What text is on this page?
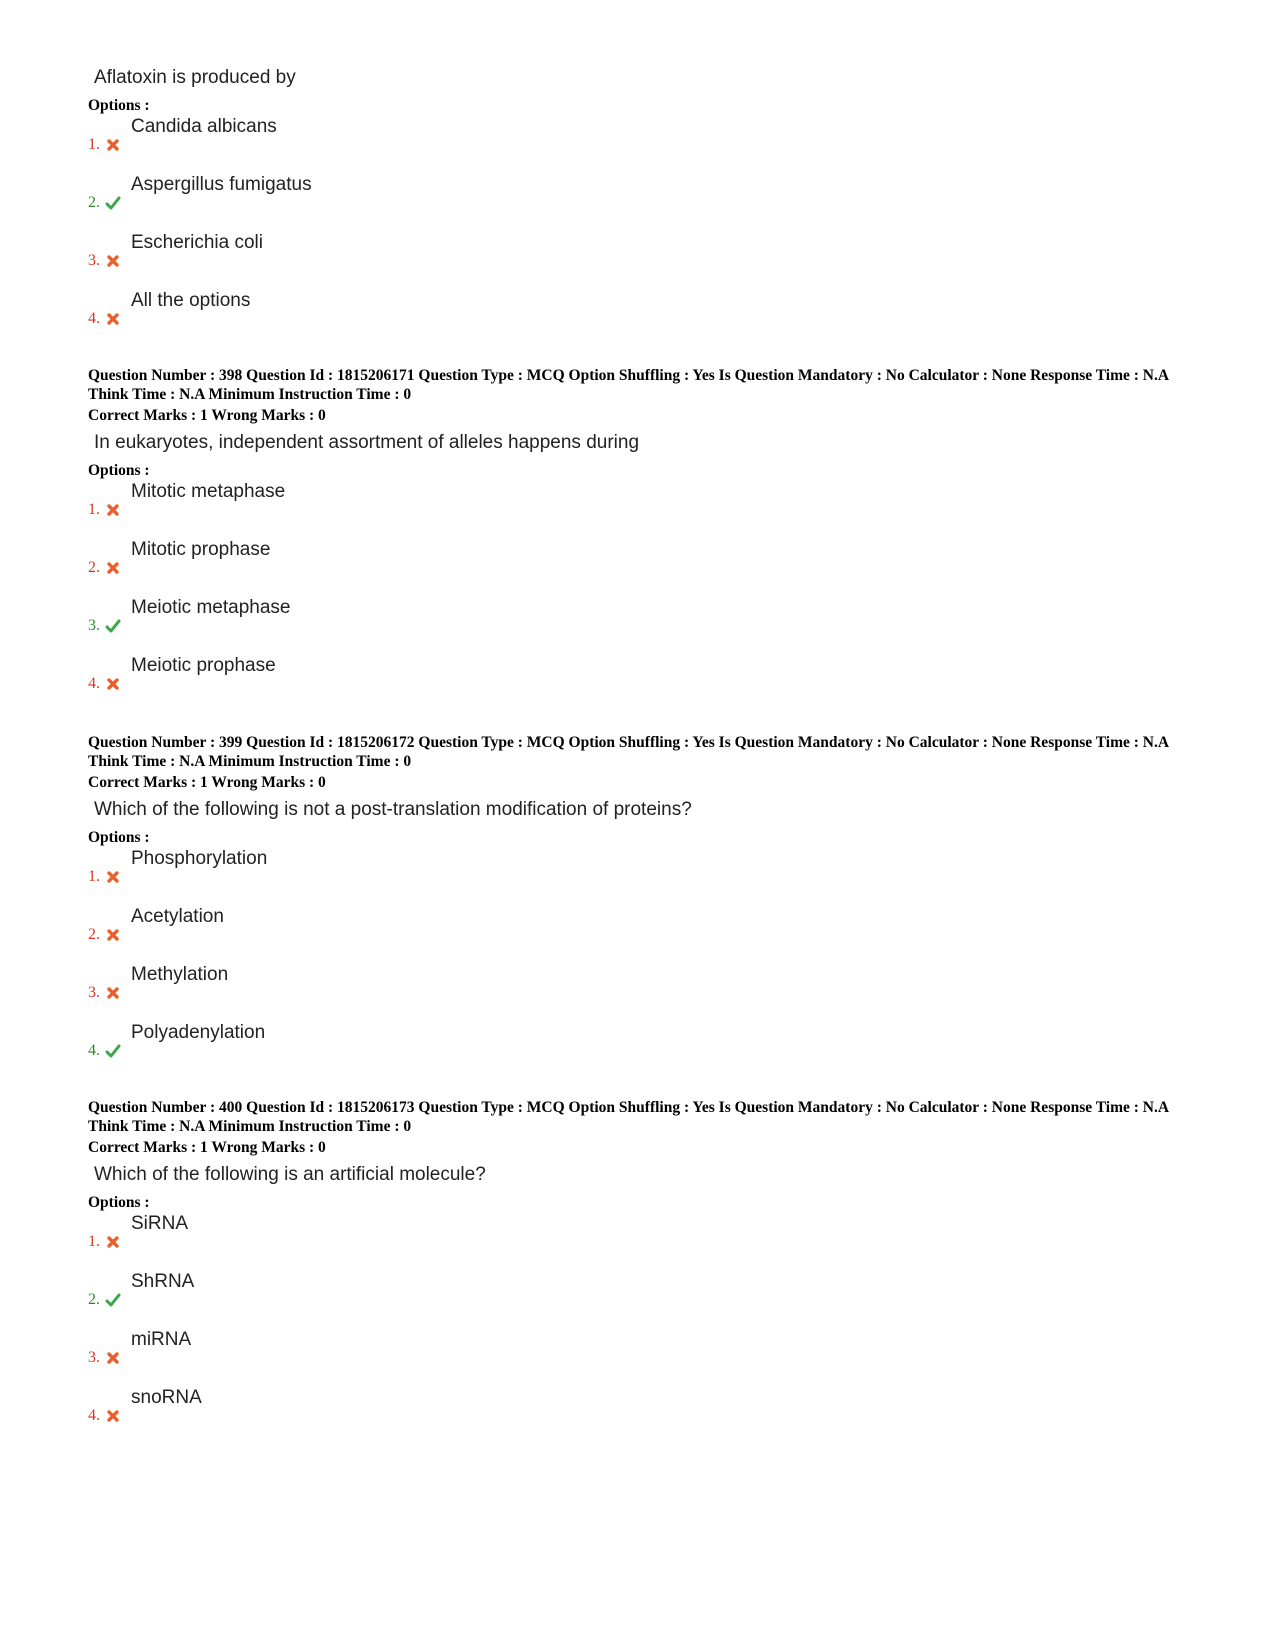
Aflatoxin is produced by
Options :
1.
Candida albicans
2.
Aspergillus fumigatus
3.
Escherichia coli
4.
All the options

Question Number : 398 Question Id : 1815206171 Question Type : MCQ Option Shuffling : Yes Is Question Mandatory : No Calculator : None Response Time : N.A Think Time : N.A Minimum Instruction Time : 0

Correct Marks : 1 Wrong Marks : 0

In eukaryotes, independent assortment of alleles happens during
Options :
1.
Mitotic metaphase
2.
Mitotic prophase
3.
Meiotic metaphase
4.
Meiotic prophase

Question Number : 399 Question Id : 1815206172 Question Type : MCQ Option Shuffling : Yes Is Question Mandatory : No Calculator : None Response Time : N.A Think Time : N.A Minimum Instruction Time : 0

Correct Marks : 1 Wrong Marks : 0

Which of the following is not a post-translation modification of proteins?
Options :
1.
Phosphorylation
2.
Acetylation
3.
Methylation
4.
Polyadenylation

Question Number : 400 Question Id : 1815206173 Question Type : MCQ Option Shuffling : Yes Is Question Mandatory : No Calculator : None Response Time : N.A Think Time : N.A Minimum Instruction Time : 0

Correct Marks : 1 Wrong Marks : 0

Which of the following is an artificial molecule?
Options :
1.
SiRNA
2.
ShRNA
3.
miRNA
4.
snoRNA
